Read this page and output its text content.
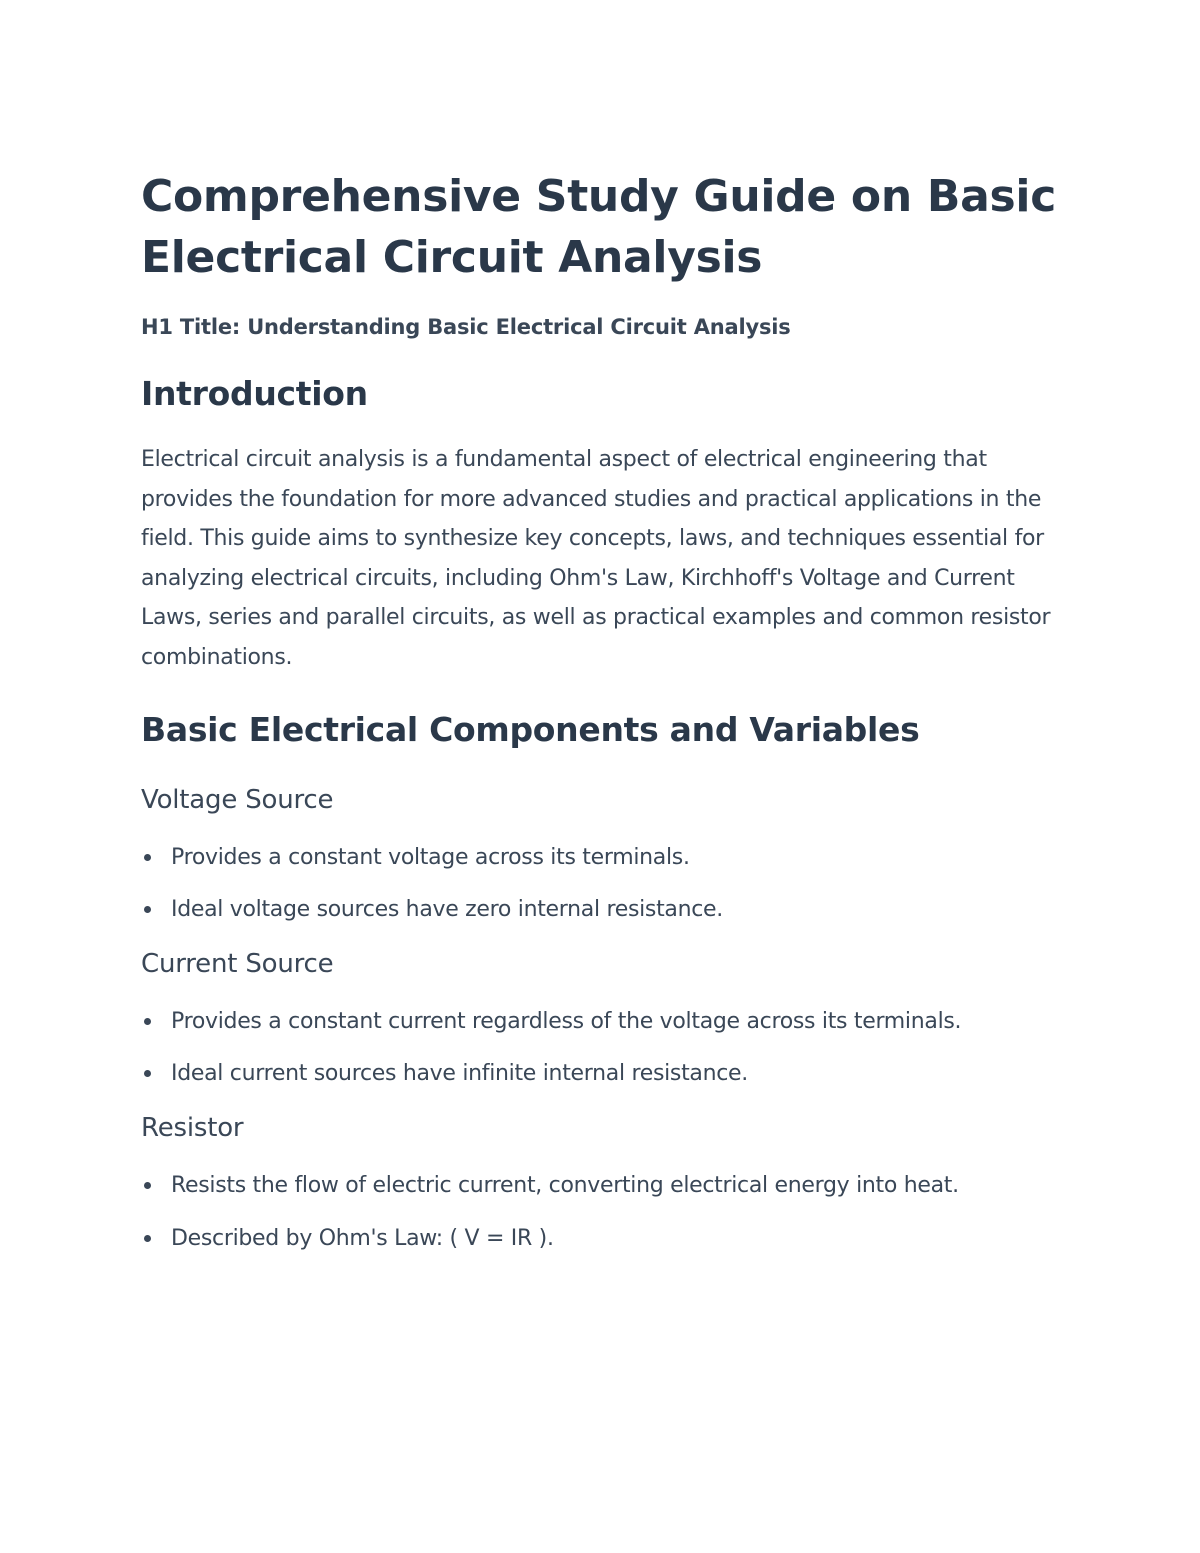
Comprehensive Study Guide on Basic Electrical Circuit Analysis
H1 Title: Understanding Basic Electrical Circuit Analysis
Introduction

Electrical circuit analysis is a fundamental aspect of electrical engineering that provides the foundation for more advanced studies and practical applications in the field. This guide aims to synthesize key concepts, laws, and techniques essential for analyzing electrical circuits, including Ohm's Law, Kirchhoff's Voltage and Current Laws, series and parallel circuits, as well as practical examples and common resistor combinations.

Basic Electrical Components and Variables
Voltage Source
Provides a constant voltage across its terminals.
Ideal voltage sources have zero internal resistance.
Current Source
Provides a constant current regardless of the voltage across its terminals.
Ideal current sources have infinite internal resistance.
Resistor
Resists the flow of electric current, converting electrical energy into heat.
Described by Ohm's Law: ( V = IR ).
